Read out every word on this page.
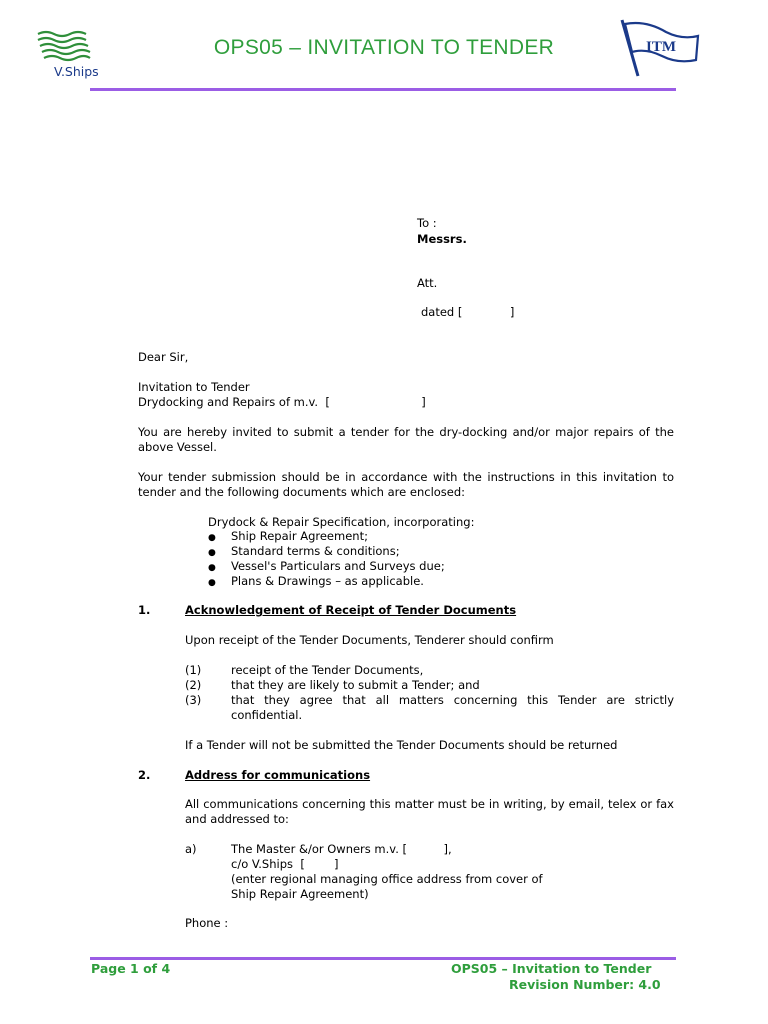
V.Ships
OPS05 – INVITATION TO TENDER	ITM
To :
Messrs.
Att.
dated [             ]
Dear Sir,
Invitation to Tender
Drydocking and Repairs of m.v.  [                         ]
You are hereby invited to submit a tender for the dry-docking and/or major repairs of the above Vessel.
Your tender submission should be in accordance with the instructions in this invitation to tender and the following documents which are enclosed:
Drydock & Repair Specification, incorporating:
● Ship Repair Agreement;
● Standard terms & conditions;
● Vessel's Particulars and Surveys due;
● Plans & Drawings – as applicable.
1.	Acknowledgement of Receipt of Tender Documents
Upon receipt of the Tender Documents, Tenderer should confirm
(1)	receipt of the Tender Documents,
(2)	that they are likely to submit a Tender; and
(3)	that they agree that all matters concerning this Tender are strictly confidential.
If a Tender will not be submitted the Tender Documents should be returned
2.	Address for communications
All communications concerning this matter must be in writing, by email, telex or fax and addressed to:
a)	The Master &/or Owners m.v. [          ],
c/o V.Ships  [        ]
(enter regional managing office address from cover of
Ship Repair Agreement)
Phone :
Page 1 of 4	OPS05 – Invitation to Tender
Revision Number: 4.0
